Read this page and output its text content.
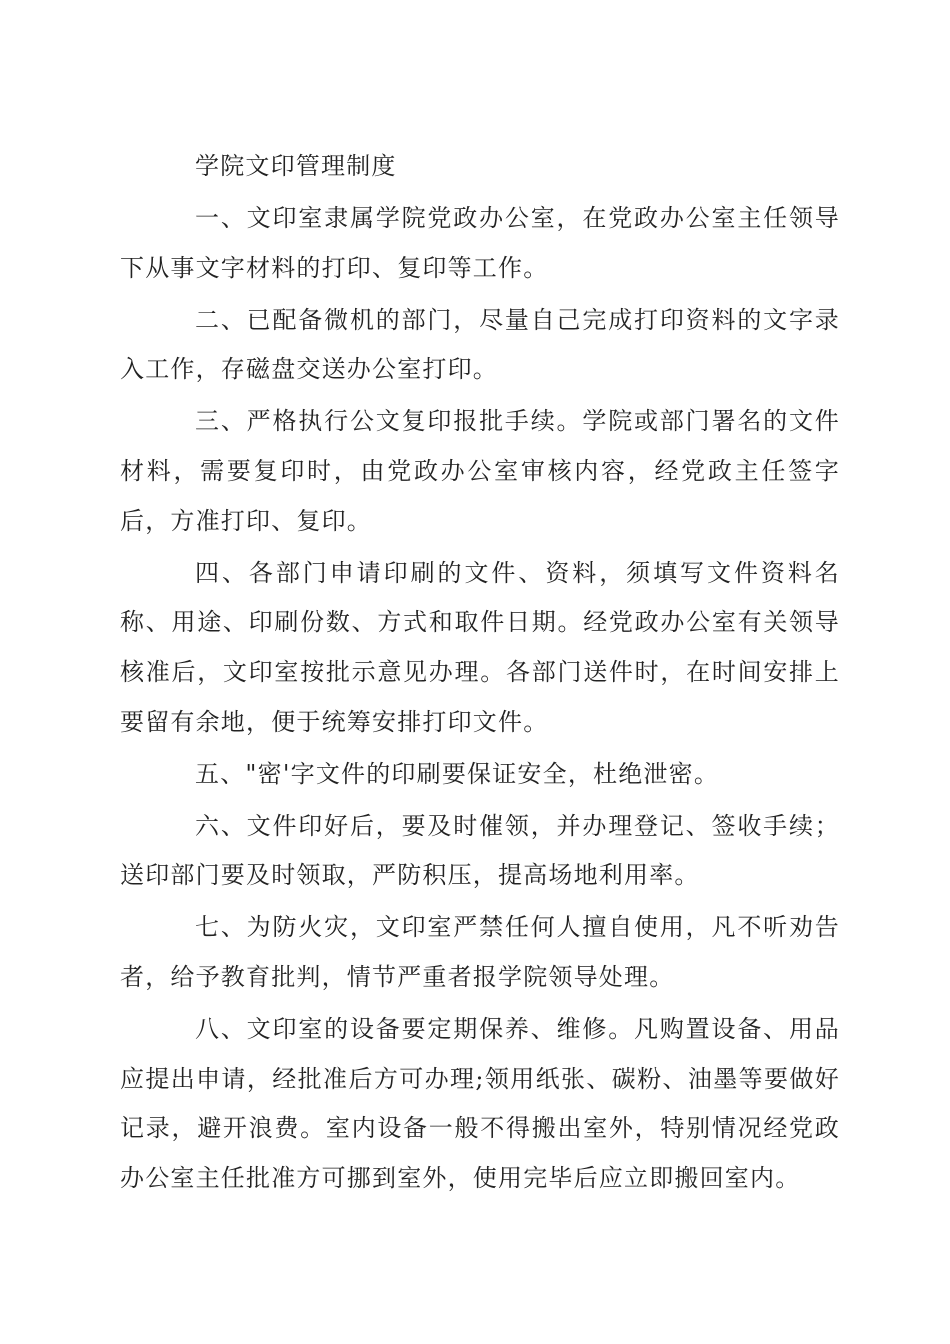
学院文印管理制度

一、文印室隶属学院党政办公室，在党政办公室主任领导下从事文字材料的打印、复印等工作。

二、已配备微机的部门，尽量自己完成打印资料的文字录入工作，存磁盘交送办公室打印。

三、严格执行公文复印报批手续。学院或部门署名的文件材料，需要复印时，由党政办公室审核内容，经党政主任签字后，方准打印、复印。

四、各部门申请印刷的文件、资料，须填写文件资料名称、用途、印刷份数、方式和取件日期。经党政办公室有关领导核准后，文印室按批示意见办理。各部门送件时，在时间安排上要留有余地，便于统筹安排打印文件。

五、"密'字文件的印刷要保证安全，杜绝泄密。

六、文件印好后，要及时催领，并办理登记、签收手续；送印部门要及时领取，严防积压，提高场地利用率。

七、为防火灾，文印室严禁任何人擅自使用，凡不听劝告者，给予教育批判，情节严重者报学院领导处理。

八、文印室的设备要定期保养、维修。凡购置设备、用品应提出申请，经批准后方可办理;领用纸张、碳粉、油墨等要做好记录，避开浪费。室内设备一般不得搬出室外，特别情况经党政办公室主任批准方可挪到室外，使用完毕后应立即搬回室内。
